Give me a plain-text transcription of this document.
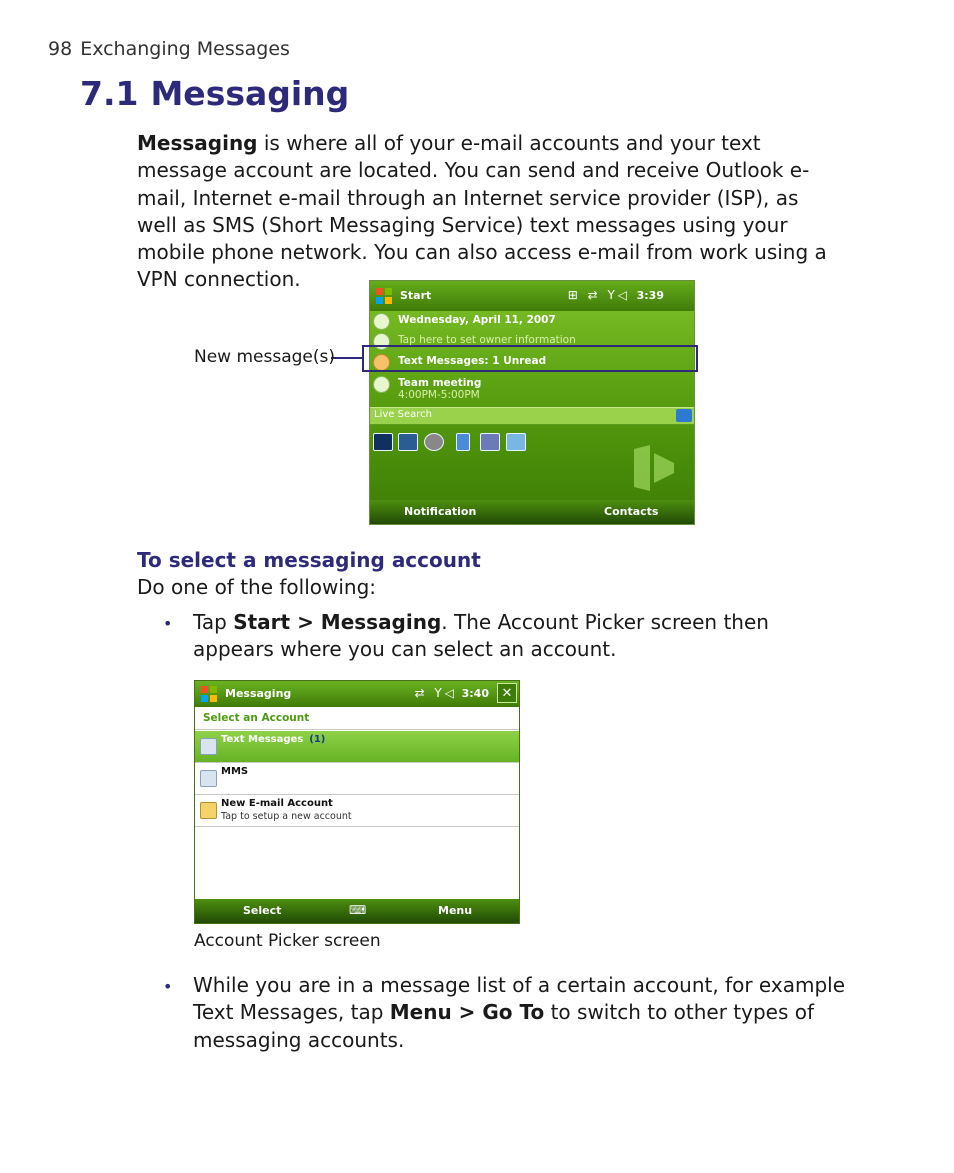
98 Exchanging Messages
7.1 Messaging
Messaging is where all of your e-mail accounts and your text message account are located. You can send and receive Outlook e-mail, Internet e-mail through an Internet service provider (ISP), as well as SMS (Short Messaging Service) text messages using your mobile phone network. You can also access e-mail from work using a VPN connection.
Start	⊞ ⇄ Y◁ 3:39
Wednesday, April 11, 2007
Tap here to set owner information
Text Messages: 1 Unread
Team meeting
4:00PM-5:00PM
Live Search
Notification	Contacts
New message(s)
To select a messaging account
Do one of the following:
• Tap Start > Messaging. The Account Picker screen then appears where you can select an account.
Messaging	⇄ Y◁ 3:40 ✕
Select an Account
Text Messages (1)
MMS
New E-mail Account
Tap to setup a new account
Select	⌨	Menu
Account Picker screen
• While you are in a message list of a certain account, for example Text Messages, tap Menu > Go To to switch to other types of messaging accounts.
